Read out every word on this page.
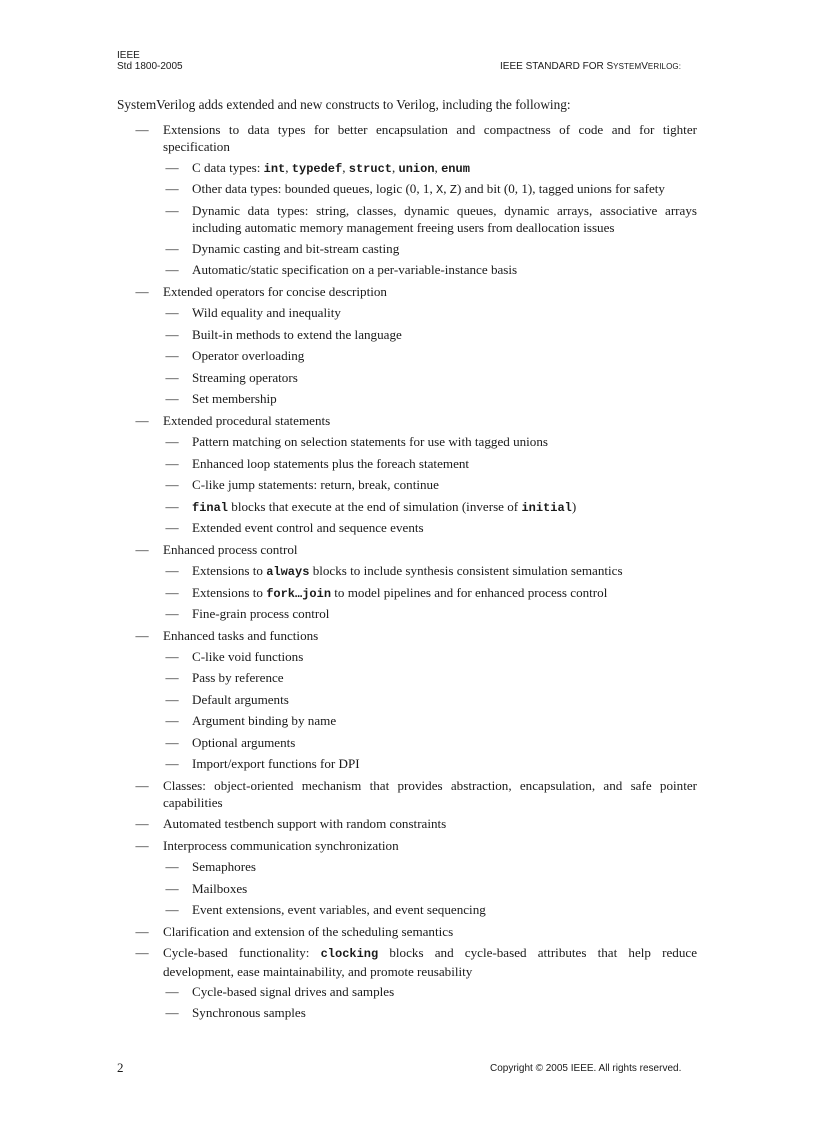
IEEE
Std 1800-2005	IEEE STANDARD FOR SYSTEMVERILOG:
SystemVerilog adds extended and new constructs to Verilog, including the following:
— Extensions to data types for better encapsulation and compactness of code and for tighter specification
— C data types: int, typedef, struct, union, enum
— Other data types: bounded queues, logic (0, 1, X, Z) and bit (0, 1), tagged unions for safety
— Dynamic data types: string, classes, dynamic queues, dynamic arrays, associative arrays including automatic memory management freeing users from deallocation issues
— Dynamic casting and bit-stream casting
— Automatic/static specification on a per-variable-instance basis
— Extended operators for concise description
— Wild equality and inequality
— Built-in methods to extend the language
— Operator overloading
— Streaming operators
— Set membership
— Extended procedural statements
— Pattern matching on selection statements for use with tagged unions
— Enhanced loop statements plus the foreach statement
— C-like jump statements: return, break, continue
— final blocks that execute at the end of simulation (inverse of initial)
— Extended event control and sequence events
— Enhanced process control
— Extensions to always blocks to include synthesis consistent simulation semantics
— Extensions to fork…join to model pipelines and for enhanced process control
— Fine-grain process control
— Enhanced tasks and functions
— C-like void functions
— Pass by reference
— Default arguments
— Argument binding by name
— Optional arguments
— Import/export functions for DPI
— Classes: object-oriented mechanism that provides abstraction, encapsulation, and safe pointer capabilities
— Automated testbench support with random constraints
— Interprocess communication synchronization
— Semaphores
— Mailboxes
— Event extensions, event variables, and event sequencing
— Clarification and extension of the scheduling semantics
— Cycle-based functionality: clocking blocks and cycle-based attributes that help reduce development, ease maintainability, and promote reusability
— Cycle-based signal drives and samples
— Synchronous samples
2	Copyright © 2005 IEEE. All rights reserved.
